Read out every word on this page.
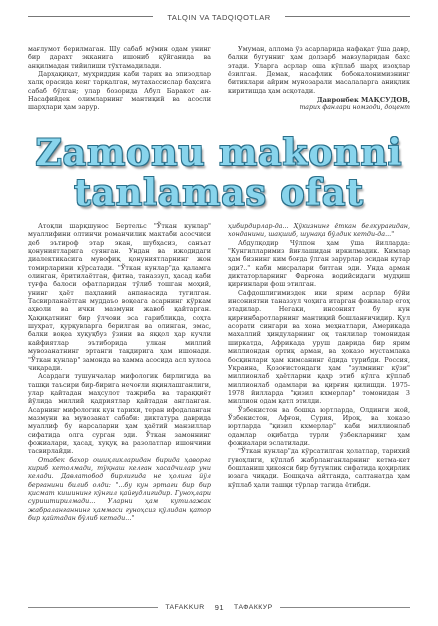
TALQIN VA TADQIQOTLAR

мағлумот берилмаган. Шу сабаб мўмин одам унинг бир дарахт экканига ишониб қўйганида ва анқилмадан тийилиши тўхтамадилади.

Дарҳақиқат, муҳриддин каби тарих ва эпизодлар халқ орасида кенг тарқалган, мутахассислар баҳсига сабаб бўлган; улар бозорида Абул Баракот ан-Насафийдек олимларнинг мантиқий ва асосли шарҳлари ҳам зарур.

Умуман, аллома ўз асарларида нафақат ўша давр, балки бугунниг ҳам долзарб мавзуларидан бахс этади. Уларга асрлар оша кўплаб шарҳ изоҳлар ёзилган. Демак, насафлик бобокалонимизнинг битиклари айрим мунозарали масалаларга аниқлик киритишда ҳам асқотади.

Давронбек МАҚСУДОВ,

тарих фанлари номзоди, доцент

Zamonu makonni
tanlamas ofat

Атоқли шарқшунос Бертельс "Ўткан кунлар" муаллифини олтинчи романчилик мактаби асосчиси деб эътироф этар экан, шубҳасиз, санъат қонуниятларига суянган. Ундан ва ижодидаги диалектикасига мувофиқ қонуниятларнинг жон томирларини кўрсатади. "Ўткан кунлар"да қаламга олинган, ёритилаётган, фитна, таназзул, ҳасад каби туғфа балоси офатларидан тўлиб тошган моҳий, унинг ҳаёт паҳлавий анпанасида тугилган. Тасвирланаётган муддаъо воқеага асарнинг кўркам аҳволи ва ички мазмуни жавоб қайтарган. Ҳақиқатнинг бир ўлчови эса гарибликда, соҳта шуҳрат, қурқувларга берилган ва олинган, эмас, балки воқеа хуқуқбуз ўзини ва яққол ҳар кучли кайфиятлар эътиборида улкан миллий мувозанатнинг эртанги тақдирига ҳам ишонади. "Ўткан кунлар" замонда ва хамма асосида асл хулоса чиқаради.

Асардаги тушунчалар мифологик бирлигида ва ташқи таъсири бир-бирига нечоғли яқинлашганлиги, улар қайтадан маҳсулот тажриба ва тараққиёт йўлида миллий қадриятлар қайтадан англанган. Асарнинг мифологик кун тарихи, теран ифодаланган мазмуни ва мувозанат сабаби: диктатура даврида муаллиф бу нарсаларни ҳам ҳаётий манзиллар сифатида олга сурган эди. Ўткан замоннинг фожиалари, ҳасад, хуқуқ ва разолатлар ишончини тасвирлайди.

Отабек бахор ошиқликларидан бирида ҳаворга кириб кетолмади, тўқнаш келган хасадчилар уни келади. Давлатобод бирлигида не ҳолига йўл берганини билиб олди: "...бу кун эртаги бир бир қисмат кишининг кўнгил қайғудлигидир. Гуноҳлари суриштирилмади... Уларни ҳам кутилажак жабраланганнинг ҳаммаси гуноҳсиз қўлидан қатор бир қайтадан бўлиб кетади..."

ҳибирдирлар-да... Ҳўкизнинг ёткан белкурагидан, хонданини, шақшиб, шунақа бўлдик кетди-да..."

Абдулқодир Чўлпон ҳам ўша йилларда: "Кунгилларимиз йиғлашидан иркилмадик. Кимлар ҳам бизнинг ким боғда ўлган зарурлар эсидан кутар эди?.." каби мисралари битган эди. Унда арман диктаторларнинг Фарғона водийсидаги мудҳиш қирғинлари фош этилган.

Сафдошлигимиздек ики ярим асрлар бўйи инсониятни таназзул чоҳига итарган фожиалар егоҳ этадилар. Негаки, инсоният бу кун қирғинбаротларнинг мантиқий бошланғичидир. Қул асорати сингари ва хона меҳнатлари, Америкада махаллий ҳиндуларнинг оқ танлилар томонидан ширкатда, Африкада уруш даврида бир ярим миллиондан ортиқ арман, ва ҳоказо мустамлака босқинлари ҳам кимсанинг ёдида турибди. Россия, Украина, Қозоғистондаги ҳам "зулмнинг кўзи" миллионлаб ҳаётларни қаҳр этиб кўлга кўплаб миллионлаб одамлари ва қирғин қилишди. 1975-1978 йилларда "қизил кхмерлар" томонидан 3 миллион одам қатл этилди.

Ўзбекистон ва бошқа юртларда, Олдинги жой, Ўзбекистон, Афғон, Сурия, Ироқ, ва хоказо юртларда "қизил кхмерлар" каби миллионлаб одамлар оқибатда турли ўзбекларнинг ҳам фожиалари эслатилади.

"Ўткан кунлар"да кўрсатилган ҳолатлар, тарихий гувоҳлиги, кўплаб жабрланганларнинг кетма-кет бошланиш ҳикояси бир бутунлик сифатида қоҳирлик юзага чиқади. Бошқача айтганда, салтанатда ҳам кўплаб ҳали ташқи тўрлар тагида ётибди.

TAFAKKUR	91	ТАФАККУР
